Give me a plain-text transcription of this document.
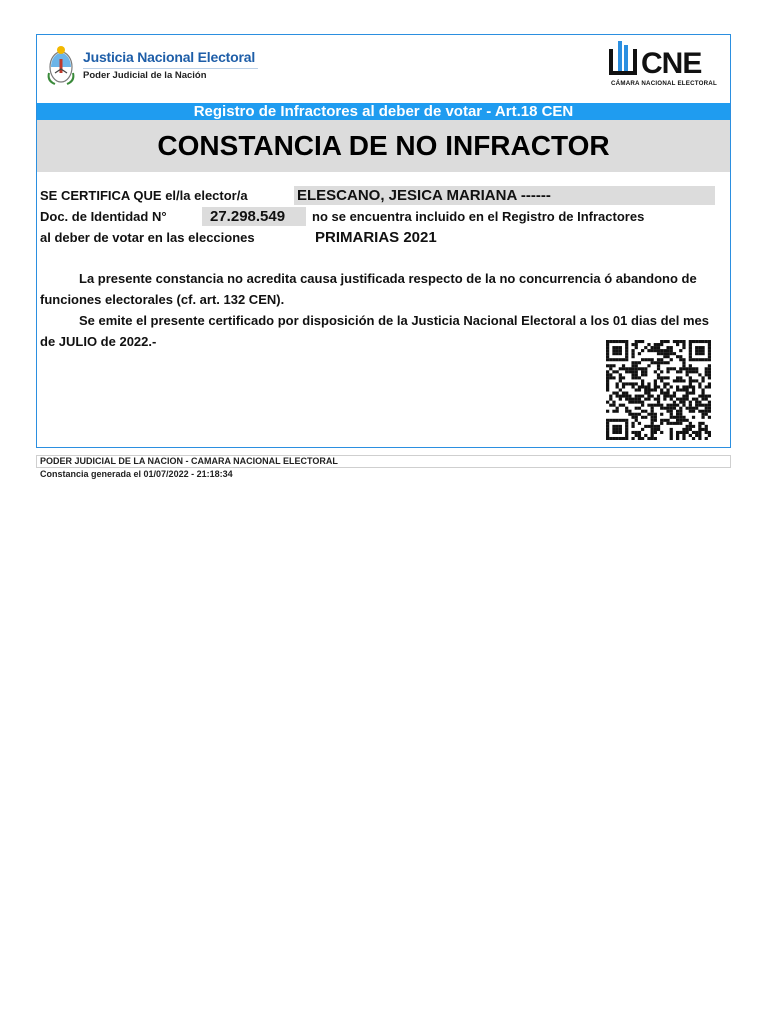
Justicia Nacional Electoral
Poder Judicial de la Nación	CNE
CÁMARA NACIONAL ELECTORAL
Registro de Infractores al deber de votar - Art.18 CEN
CONSTANCIA DE NO INFRACTOR
SE CERTIFICA QUE el/la elector/a	ELESCANO, JESICA MARIANA ------
Doc. de Identidad N°	27.298.549	no se encuentra incluido en el Registro de Infractores
al deber de votar en las elecciones	PRIMARIAS 2021
La presente constancia no acredita causa justificada respecto de la no concurrencia ó abandono de funciones electorales (cf. art. 132 CEN).
Se emite el presente certificado por disposición de la Justicia Nacional Electoral a los 01 dias del mes de JULIO de 2022.-
PODER JUDICIAL DE LA NACION - CAMARA NACIONAL ELECTORAL
Constancia generada el 01/07/2022 - 21:18:34
